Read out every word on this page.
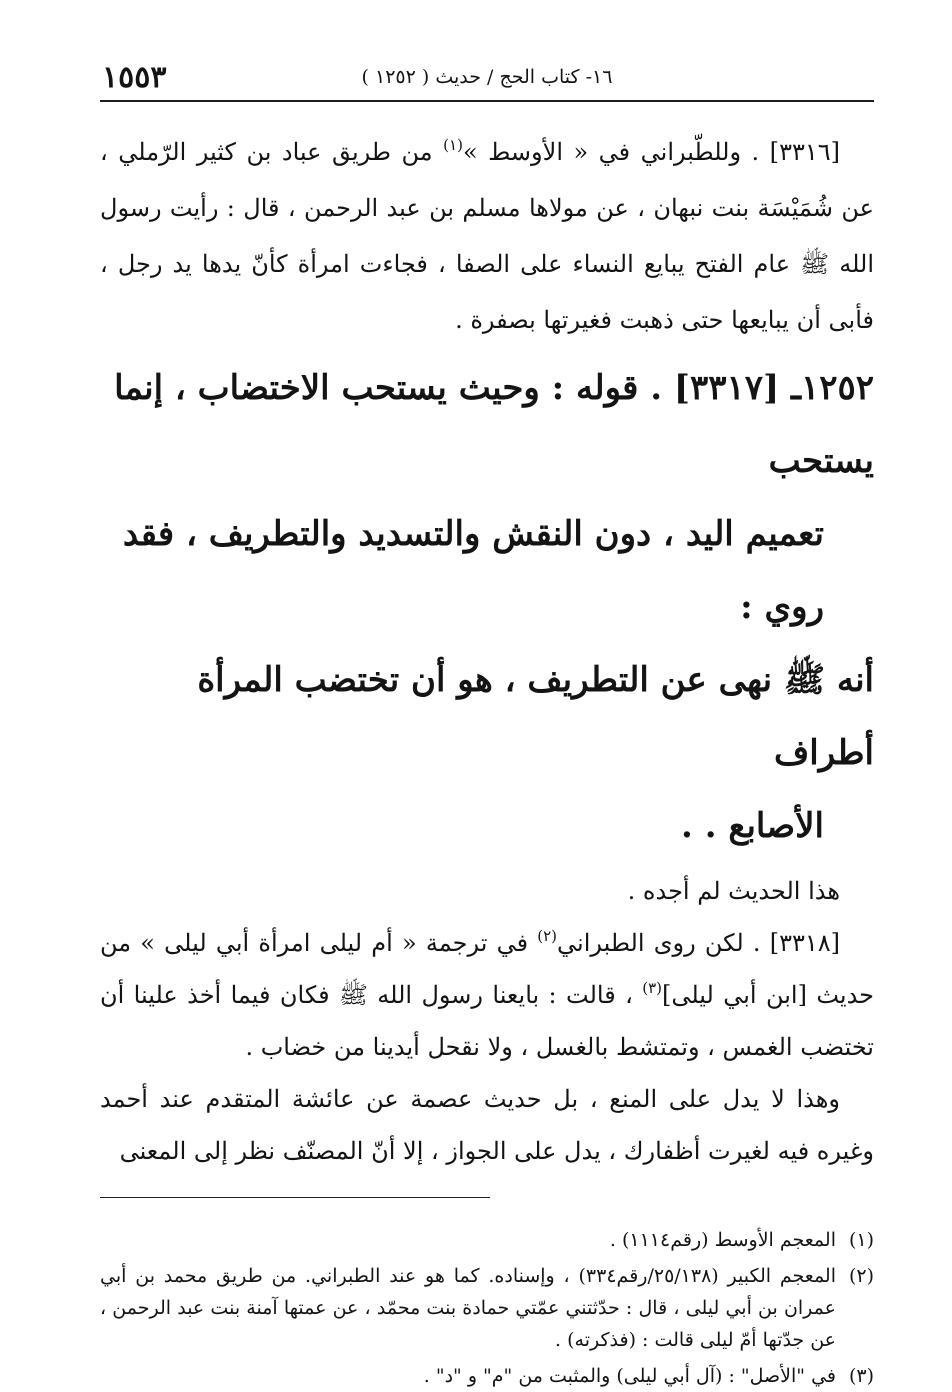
١٦- كتاب الحج / حديث ( ١٢٥٢ )
١٥٥٣

[٣٣١٦] . وللطّبراني في « الأوسط »$^{(١)}$ من طريق عباد بن كثير الرّملي ، عن شُمَيْسَة بنت نبهان ، عن مولاها مسلم بن عبد الرحمن ، قال : رأيت رسول الله ﷺ عام الفتح يبايع النساء على الصفا ، فجاءت امرأة كأنّ يدها يد رجل ، فأبى أن يبايعها حتى ذهبت فغيرتها بصفرة .

١٢٥٢ـ [٣٣١٧] . قوله : وحيث يستحب الاختضاب ، إنما يستحب

تعميم اليد ، دون النقش والتسديد والتطريف ، فقد روي :

أنه ﷺ نهى عن التطريف ، هو أن تختضب المرأة أطراف

الأصابع . .

هذا الحديث لم أجده .

[٣٣١٨] . لكن روى الطبراني$^{(٢)}$ في ترجمة « أم ليلى امرأة أبي ليلى » من حديث [ابن أبي ليلى]$^{(٣)}$ ، قالت : بايعنا رسول الله ﷺ فكان فيما أخذ علينا أن تختضب الغمس ، وتمتشط بالغسل ، ولا نقحل أيدينا من خضاب .

وهذا لا يدل على المنع ، بل حديث عصمة عن عائشة المتقدم عند أحمد وغيره فيه لغيرت أظفارك ، يدل على الجواز ، إلا أنّ المصنّف نظر إلى المعنى

(١)
المعجم الأوسط (رقم١١١٤) .
(٢)
المعجم الكبير (٢٥/١٣٨/رقم٣٣٤) ، وإسناده. كما هو عند الطبراني. من طريق محمد بن أبي عمران بن أبي ليلى ، قال : حدّثتني عمّتي حمادة بنت محمّد ، عن عمتها آمنة بنت عبد الرحمن ، عن جدّتها أمّ ليلى قالت : (فذكرته) .
(٣)
في "الأصل" : (آل أبي ليلى) والمثبت من "م" و "د" .
